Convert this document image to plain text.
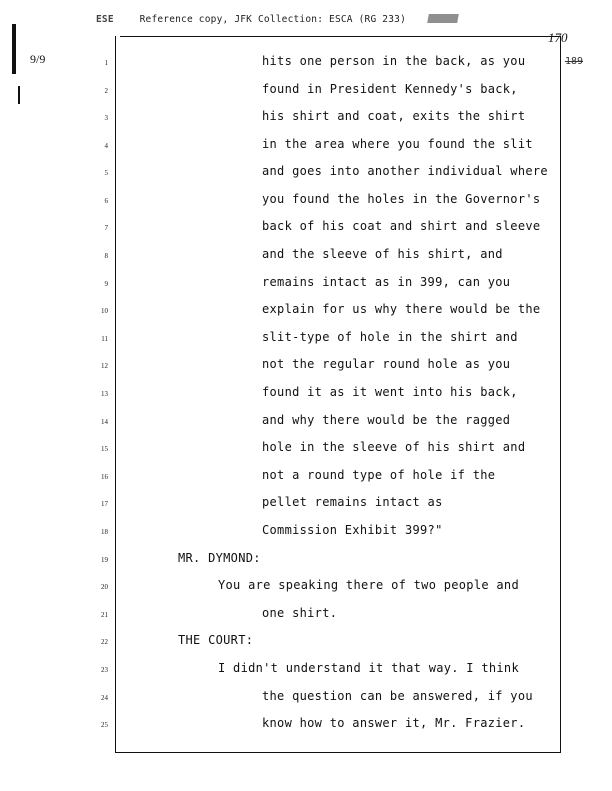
ESE	Reference copy, JFK Collection: ESCA (RG 233)
9/9
170
189
1
2
3
4
5
6
7
8
9
10
11
12
13
14
15
16
17
18
19
20
21
22
23
24
25
hits one person in the back, as you
found in President Kennedy's back,
his shirt and coat, exits the shirt
in the area where you found the slit
and goes into another individual where
you found the holes in the Governor's
back of his coat and shirt and sleeve
and the sleeve of his shirt, and
remains intact as in 399, can you
explain for us why there would be the
slit-type of hole in the shirt and
not the regular round hole as you
found it as it went into his back,
and why there would be the ragged
hole in the sleeve of his shirt and
not a round type of hole if the
pellet remains intact as
Commission Exhibit 399?"
MR. DYMOND:
You are speaking there of two people and
one shirt.
THE COURT:
I didn't understand it that way. I think
the question can be answered, if you
know how to answer it, Mr. Frazier.
